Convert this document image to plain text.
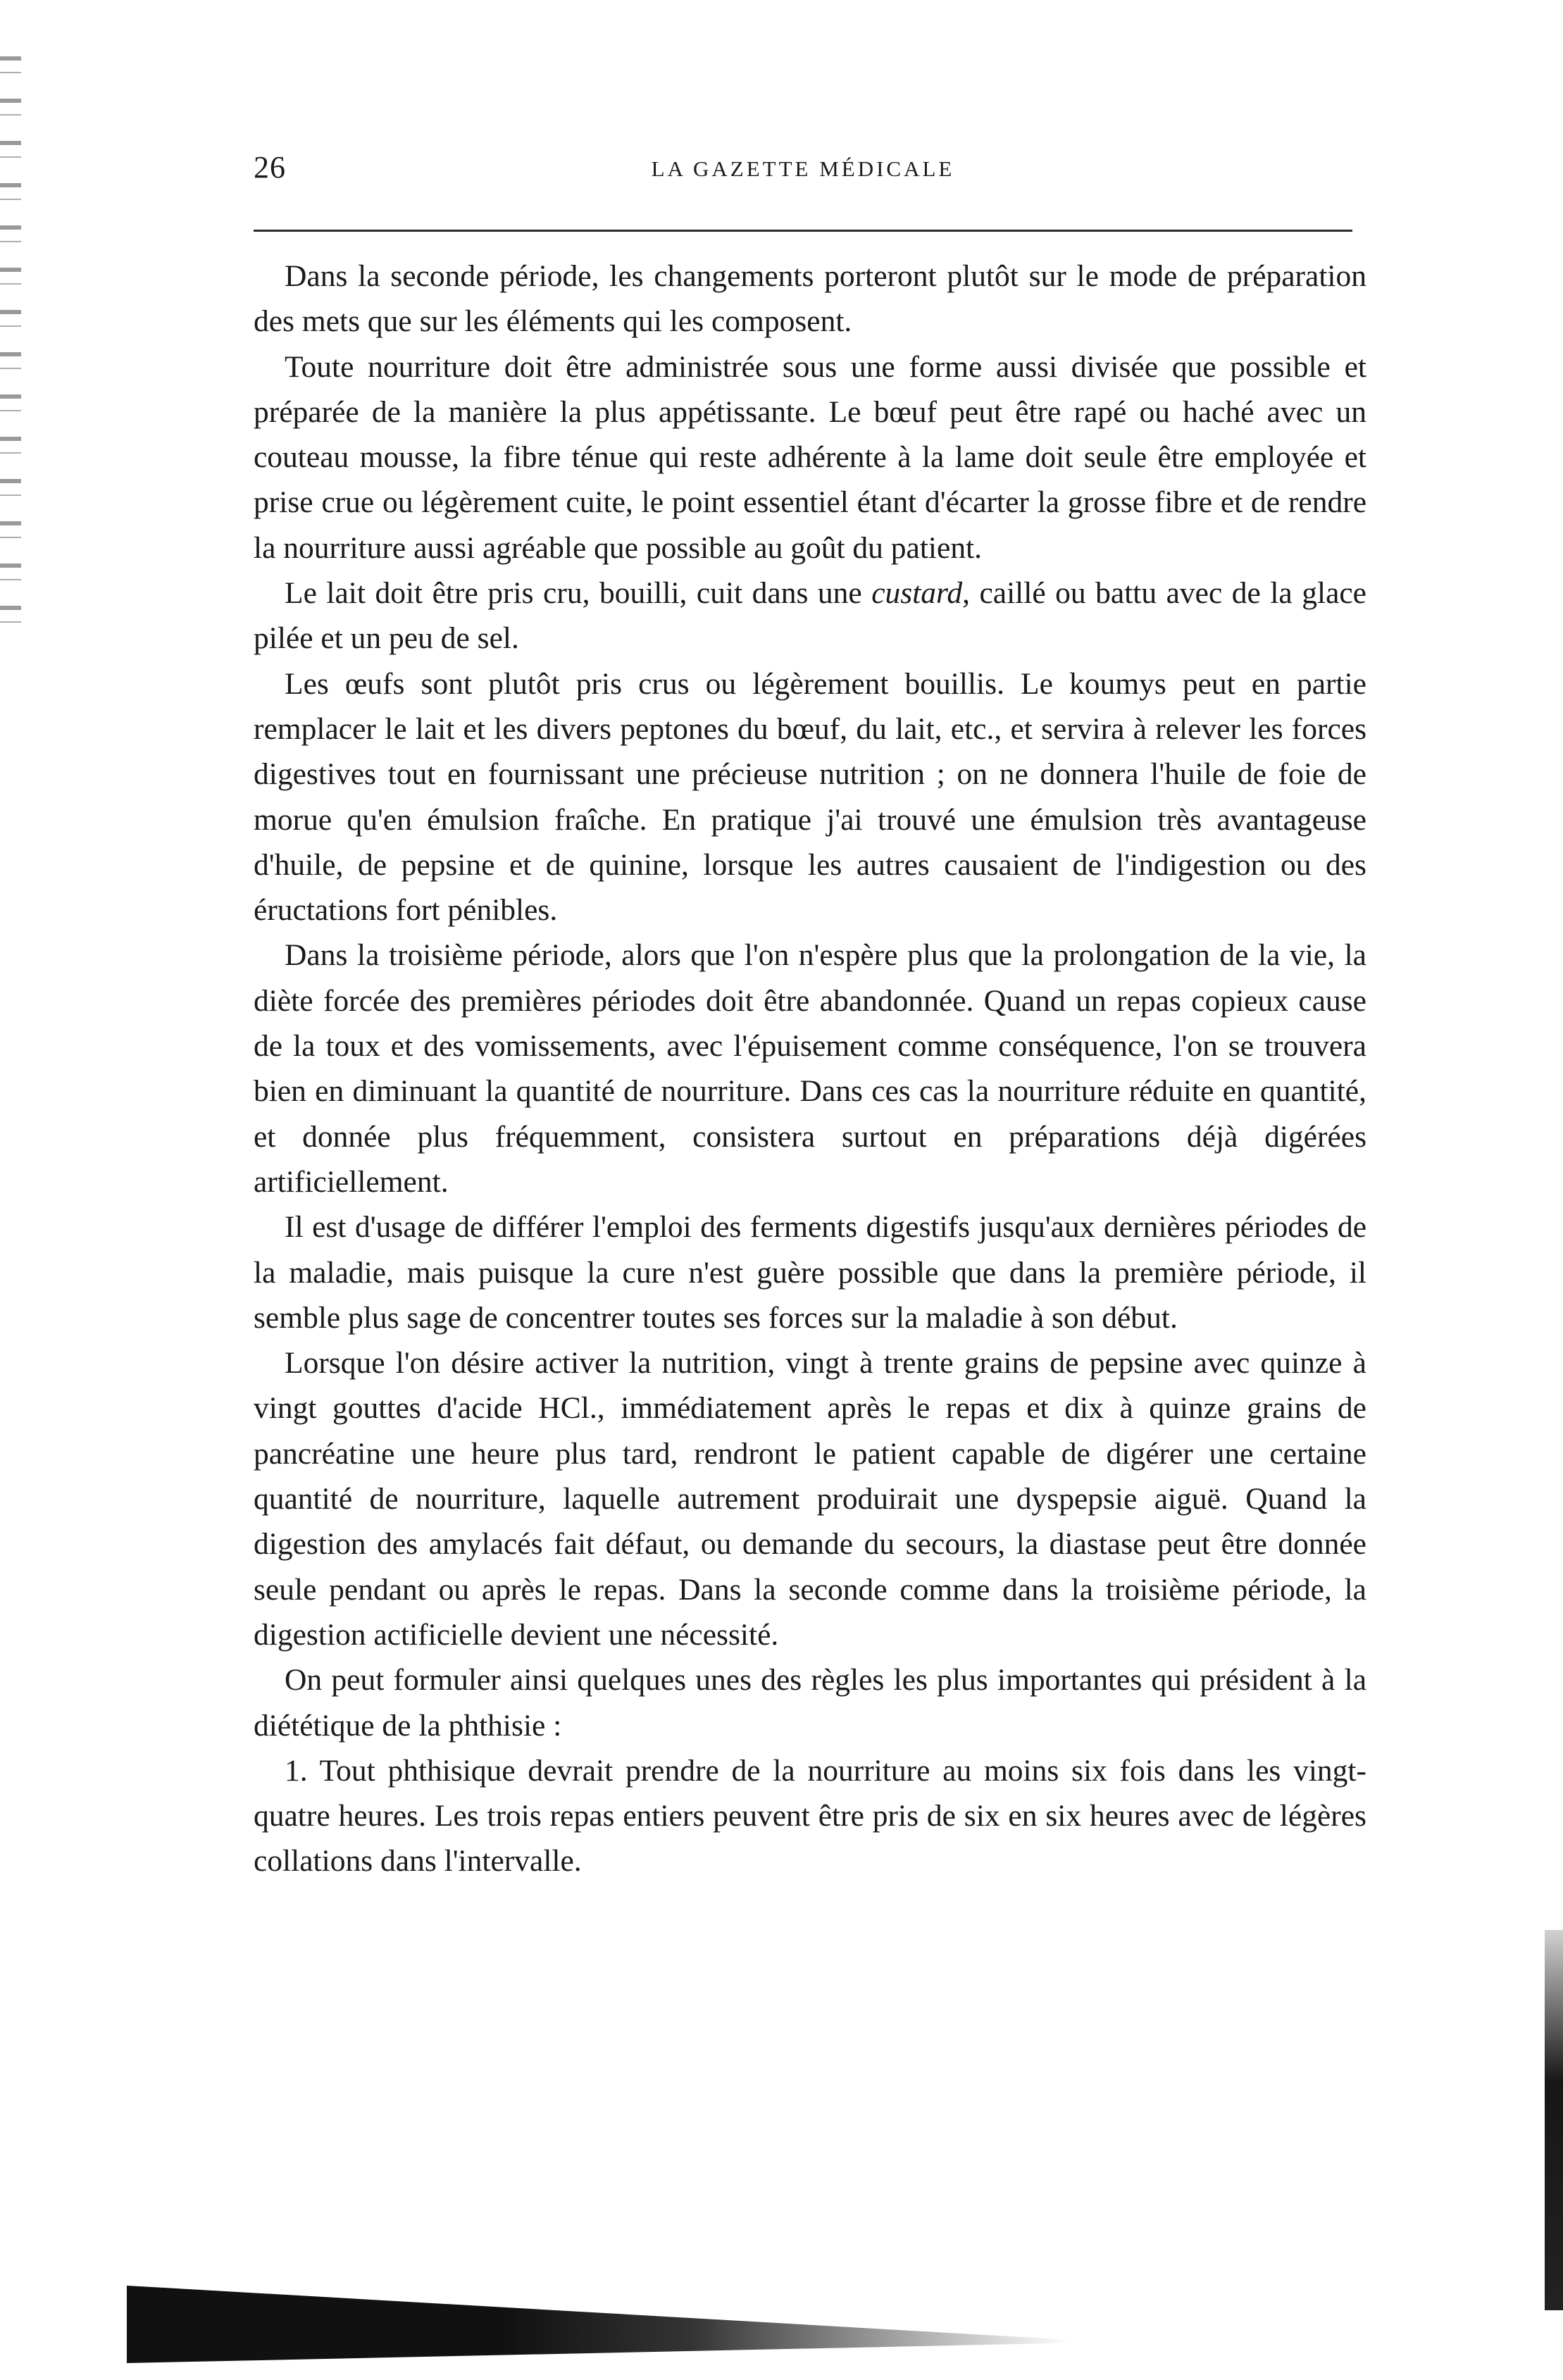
26	LA GAZETTE MÉDICALE

Dans la seconde période, les changements porteront plutôt sur le mode de préparation des mets que sur les éléments qui les composent.

Toute nourriture doit être administrée sous une forme aussi divisée que possible et préparée de la manière la plus appétissante. Le bœuf peut être rapé ou haché avec un couteau mousse, la fibre ténue qui reste adhérente à la lame doit seule être employée et prise crue ou légèrement cuite, le point essentiel étant d'écarter la grosse fibre et de rendre la nourriture aussi agréable que possible au goût du patient.

Le lait doit être pris cru, bouilli, cuit dans une custard, caillé ou battu avec de la glace pilée et un peu de sel.

Les œufs sont plutôt pris crus ou légèrement bouillis. Le koumys peut en partie remplacer le lait et les divers peptones du bœuf, du lait, etc., et servira à relever les forces digestives tout en fournissant une précieuse nutrition ; on ne donnera l'huile de foie de morue qu'en émulsion fraîche. En pratique j'ai trouvé une émulsion très avantageuse d'huile, de pepsine et de quinine, lorsque les autres causaient de l'indigestion ou des éructations fort pénibles.

Dans la troisième période, alors que l'on n'espère plus que la prolongation de la vie, la diète forcée des premières périodes doit être abandonnée. Quand un repas copieux cause de la toux et des vomissements, avec l'épuisement comme conséquence, l'on se trouvera bien en diminuant la quantité de nourriture. Dans ces cas la nourriture réduite en quantité, et donnée plus fréquemment, consistera surtout en préparations déjà digérées artificiellement.

Il est d'usage de différer l'emploi des ferments digestifs jusqu'aux dernières périodes de la maladie, mais puisque la cure n'est guère possible que dans la première période, il semble plus sage de concentrer toutes ses forces sur la maladie à son début.

Lorsque l'on désire activer la nutrition, vingt à trente grains de pepsine avec quinze à vingt gouttes d'acide HCl., immédiatement après le repas et dix à quinze grains de pancréatine une heure plus tard, rendront le patient capable de digérer une certaine quantité de nourriture, laquelle autrement produirait une dyspepsie aiguë. Quand la digestion des amylacés fait défaut, ou demande du secours, la diastase peut être donnée seule pendant ou après le repas. Dans la seconde comme dans la troisième période, la digestion actificielle devient une nécessité.

On peut formuler ainsi quelques unes des règles les plus importantes qui président à la diététique de la phthisie :

1. Tout phthisique devrait prendre de la nourriture au moins six fois dans les vingt-quatre heures. Les trois repas entiers peuvent être pris de six en six heures avec de légères collations dans l'intervalle.
